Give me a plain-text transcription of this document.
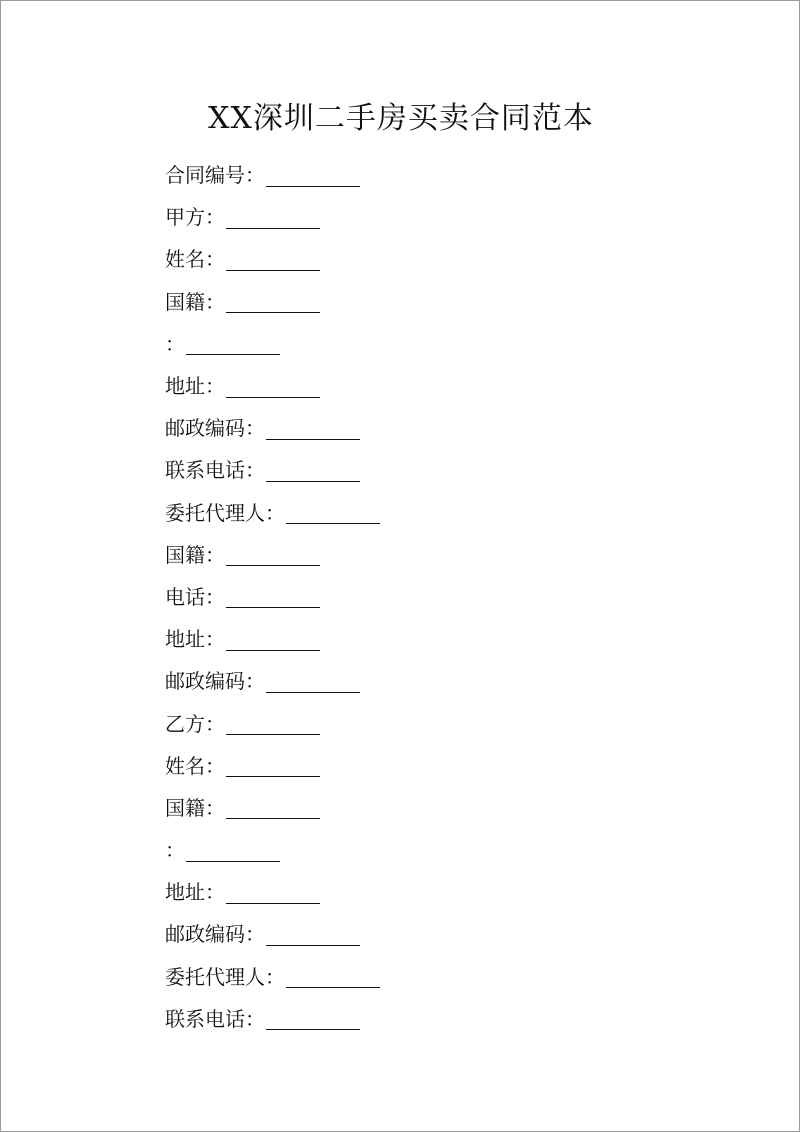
XX深圳二手房买卖合同范本
合同编号：
甲方：
姓名：
国籍：
：
地址：
邮政编码：
联系电话：
委托代理人：
国籍：
电话：
地址：
邮政编码：
乙方：
姓名：
国籍：
：
地址：
邮政编码：
委托代理人：
联系电话：
